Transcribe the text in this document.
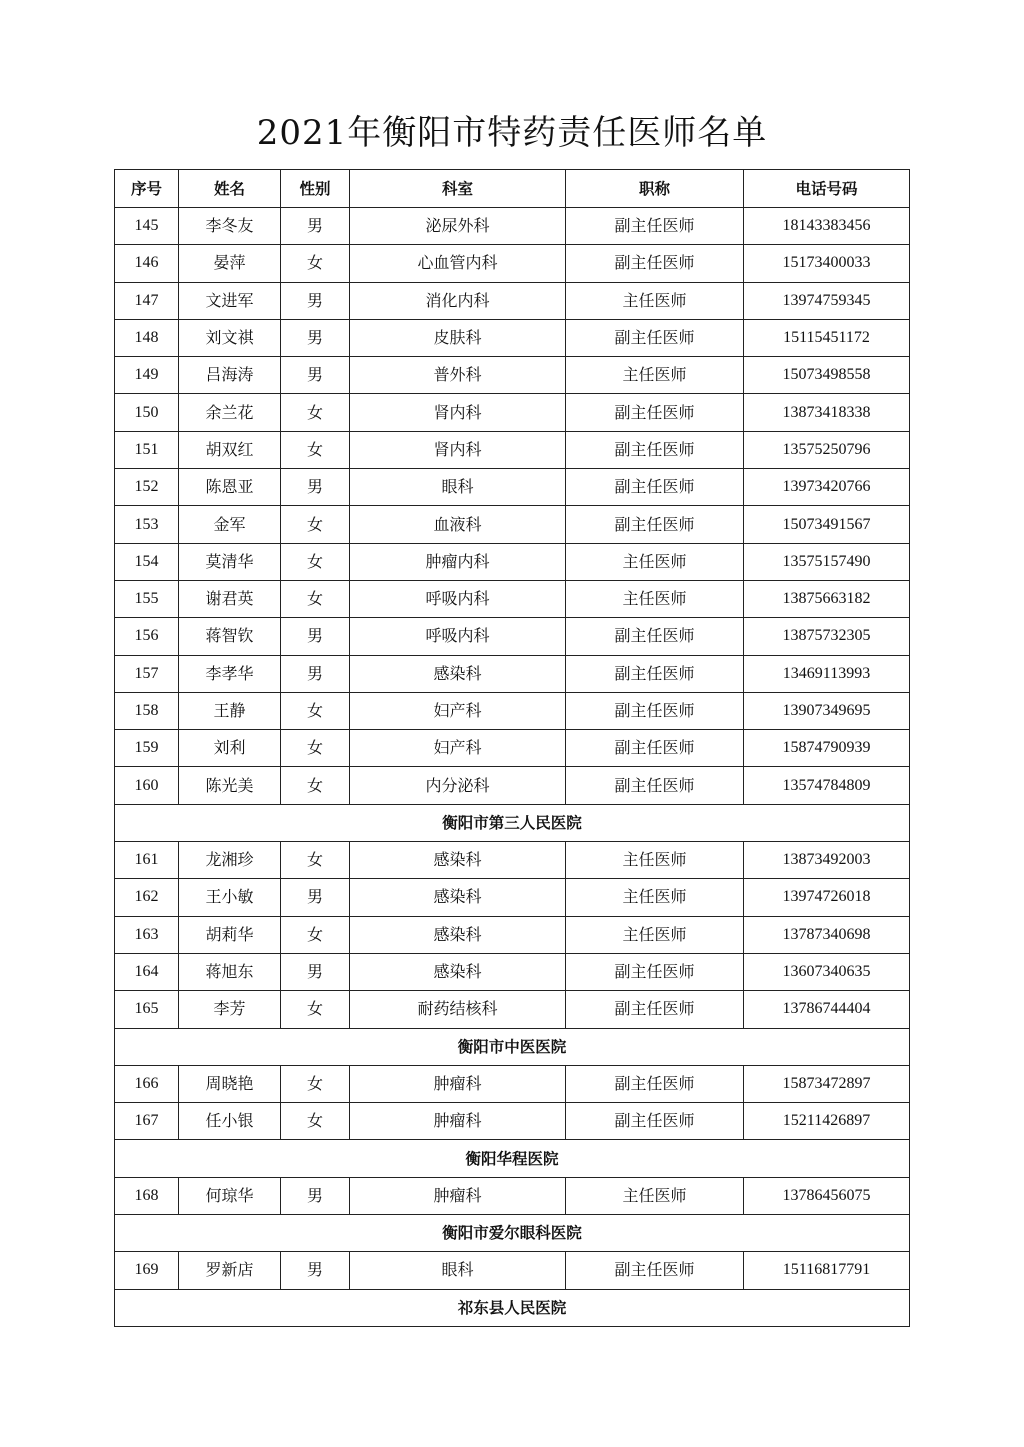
2021年衡阳市特药责任医师名单
序号	姓名	性别	科室	职称	电话号码
145	李冬友	男	泌尿外科	副主任医师	18143383456
146	晏萍	女	心血管内科	副主任医师	15173400033
147	文进军	男	消化内科	主任医师	13974759345
148	刘文祺	男	皮肤科	副主任医师	15115451172
149	吕海涛	男	普外科	主任医师	15073498558
150	余兰花	女	肾内科	副主任医师	13873418338
151	胡双红	女	肾内科	副主任医师	13575250796
152	陈恩亚	男	眼科	副主任医师	13973420766
153	金军	女	血液科	副主任医师	15073491567
154	莫清华	女	肿瘤内科	主任医师	13575157490
155	谢君英	女	呼吸内科	主任医师	13875663182
156	蒋智钦	男	呼吸内科	副主任医师	13875732305
157	李孝华	男	感染科	副主任医师	13469113993
158	王静	女	妇产科	副主任医师	13907349695
159	刘利	女	妇产科	副主任医师	15874790939
160	陈光美	女	内分泌科	副主任医师	13574784809
衡阳市第三人民医院					
161	龙湘珍	女	感染科	主任医师	13873492003
162	王小敏	男	感染科	主任医师	13974726018
163	胡莉华	女	感染科	主任医师	13787340698
164	蒋旭东	男	感染科	副主任医师	13607340635
165	李芳	女	耐药结核科	副主任医师	13786744404
衡阳市中医医院					
166	周晓艳	女	肿瘤科	副主任医师	15873472897
167	任小银	女	肿瘤科	副主任医师	15211426897
衡阳华程医院					
168	何琼华	男	肿瘤科	主任医师	13786456075
衡阳市爱尔眼科医院					
169	罗新店	男	眼科	副主任医师	15116817791
祁东县人民医院					
